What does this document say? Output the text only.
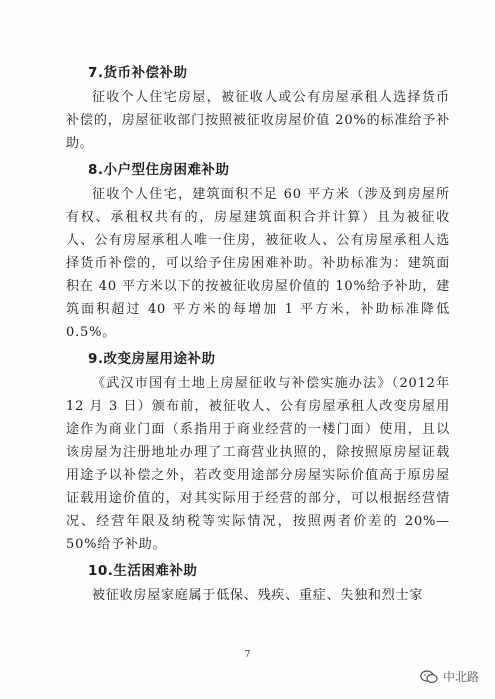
7.货币补偿补助

征收个人住宅房屋，被征收人或公有房屋承租人选择货币补偿的，房屋征收部门按照被征收房屋价值 20%的标准给予补助。

8.小户型住房困难补助

征收个人住宅，建筑面积不足 60 平方米（涉及到房屋所有权、承租权共有的，房屋建筑面积合并计算）且为被征收人、公有房屋承租人唯一住房，被征收人、公有房屋承租人选择货币补偿的，可以给予住房困难补助。补助标准为：建筑面积在 40 平方米以下的按被征收房屋价值的 10%给予补助，建筑面积超过 40 平方米的每增加 1 平方米，补助标准降低 0.5%。

9.改变房屋用途补助

《武汉市国有土地上房屋征收与补偿实施办法》（2012年 12 月 3 日）颁布前，被征收人、公有房屋承租人改变房屋用途作为商业门面（系指用于商业经营的一楼门面）使用，且以该房屋为注册地址办理了工商营业执照的，除按照原房屋证载用途予以补偿之外，若改变用途部分房屋实际价值高于原房屋证载用途价值的，对其实际用于经营的部分，可以根据经营情况、经营年限及纳税等实际情况，按照两者价差的 20%—50%给予补助。

10.生活困难补助

被征收房屋家庭属于低保、残疾、重症、失独和烈士家

7
中北路
